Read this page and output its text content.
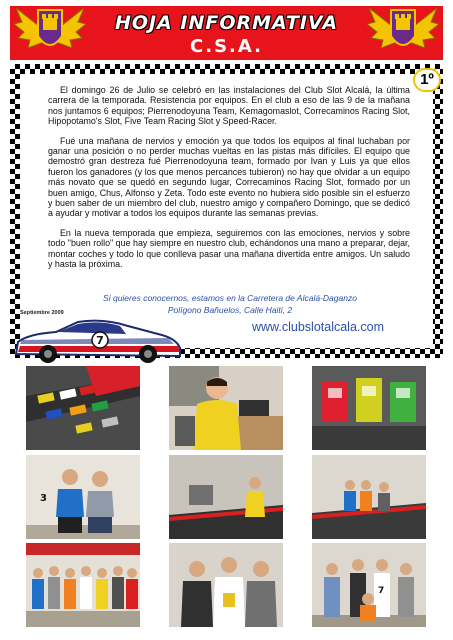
HOJA INFORMATIVA
C.S.A.
1º

El domingo 26 de Julio se celebró en las instalaciones del Club Slot Alcalá, la última carrera de la temporada. Resistencia por equipos. En el club a eso de las 9 de la mañana nos juntamos 6 equipos; Pierrenodoyuna Team, Kemagomaslot, Correcaminos Racing Slot, Hipopotamo's Slot, Five Team Racing Slot y Speed-Racer.

Fué una mañana de nervios y emoción ya que todos los equipos al final luchaban por ganar una posición o no perder muchas vueltas en las pistas más difíciles. El equipo que demostró gran destreza fué Pierrenodoyuna team, formado por Ivan y Luis ya que ellos fueron los ganadores (y los que menos percances tubieron) no hay que olvidar a un equipo más novato que se quedó en segundo lugar, Correcaminos Racing Slot, formado por un buen amigo, Chus, Alfonso y Zeta. Todo este evento no hubiera sido posible sin el esfuerzo y buen saber de un miembro del club, nuestro amigo y compañero Domingo, que se dedicó a ayudar y motivar a todos los equipos durante las semanas previas.

En la nueva temporada que empieza, seguiremos con las emociones, nervios y sobre todo "buen rollo" que hay siempre en nuestro club, echándonos una mano a preparar, dejar, montar coches y todo lo que conlleva pasar una mañana divertida entre amigos. Un saludo y hasta la próxima.

Si quieres conocernos, estamos en la Carretera de Alcalá-Daganzo
Polígono Bañuelos, Calle Haiti, 2
7
Septiembre 2009
www.clubslotalcala.com
3
7
